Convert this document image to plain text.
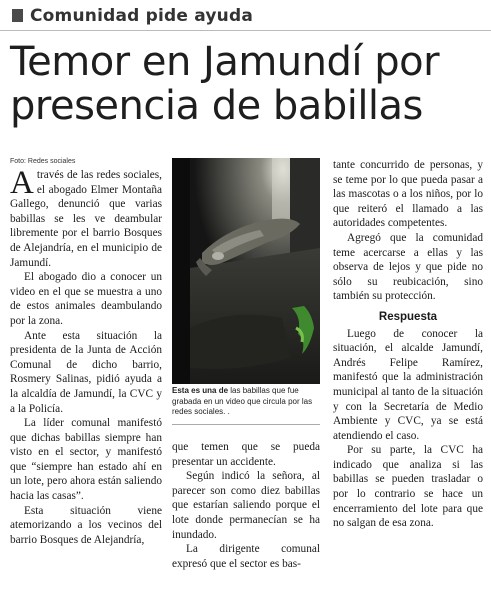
Comunidad pide ayuda
Temor en Jamundí por presencia de babillas
Foto: Redes sociales

Através de las redes sociales, el abogado Elmer Montaña Gallego, denunció que varias babillas se les ve deambular libremente por el barrio Bosques de Alejandría, en el municipio de Jamundí.

El abogado dio a conocer un video en el que se muestra a uno de estos animales deambulando por la zona.

Ante esta situación la presidenta de la Junta de Acción Comunal de dicho barrio, Rosmery Salinas, pidió ayuda a la alcaldía de Jamundí, la CVC y a la Policía.

La líder comunal manifestó que dichas babillas siempre han visto en el sector, y manifestó que “siempre han estado ahí en un lote, pero ahora están saliendo hacia las casas”.

Esta situación viene atemorizando a los vecinos del barrio Bosques de Alejandría,

Esta es una de las babillas que fue grabada en un video que circula por las redes sociales. .

que temen que se pueda presentar un accidente.

Según indicó la señora, al parecer son como diez babillas que estarían saliendo porque el lote donde permanecían se ha inundado.

La dirigente comunal expresó que el sector es bas-

tante concurrido de personas, y se teme por lo que pueda pasar a las mascotas o a los niños, por lo que reiteró el llamado a las autoridades competentes.

Agregó que la comunidad teme acercarse a ellas y las observa de lejos y que pide no sólo su reubicación, sino también su protección.

Respuesta

Luego de conocer la situación, el alcalde Jamundí, Andrés Felipe Ramírez, manifestó que la administración municipal al tanto de la situación y con la Secretaría de Medio Ambiente y CVC, ya se está atendiendo el caso.

Por su parte, la CVC ha indicado que analiza si las babillas se pueden trasladar o por lo contrario se hace un encerramiento del lote para que no salgan de esa zona.
